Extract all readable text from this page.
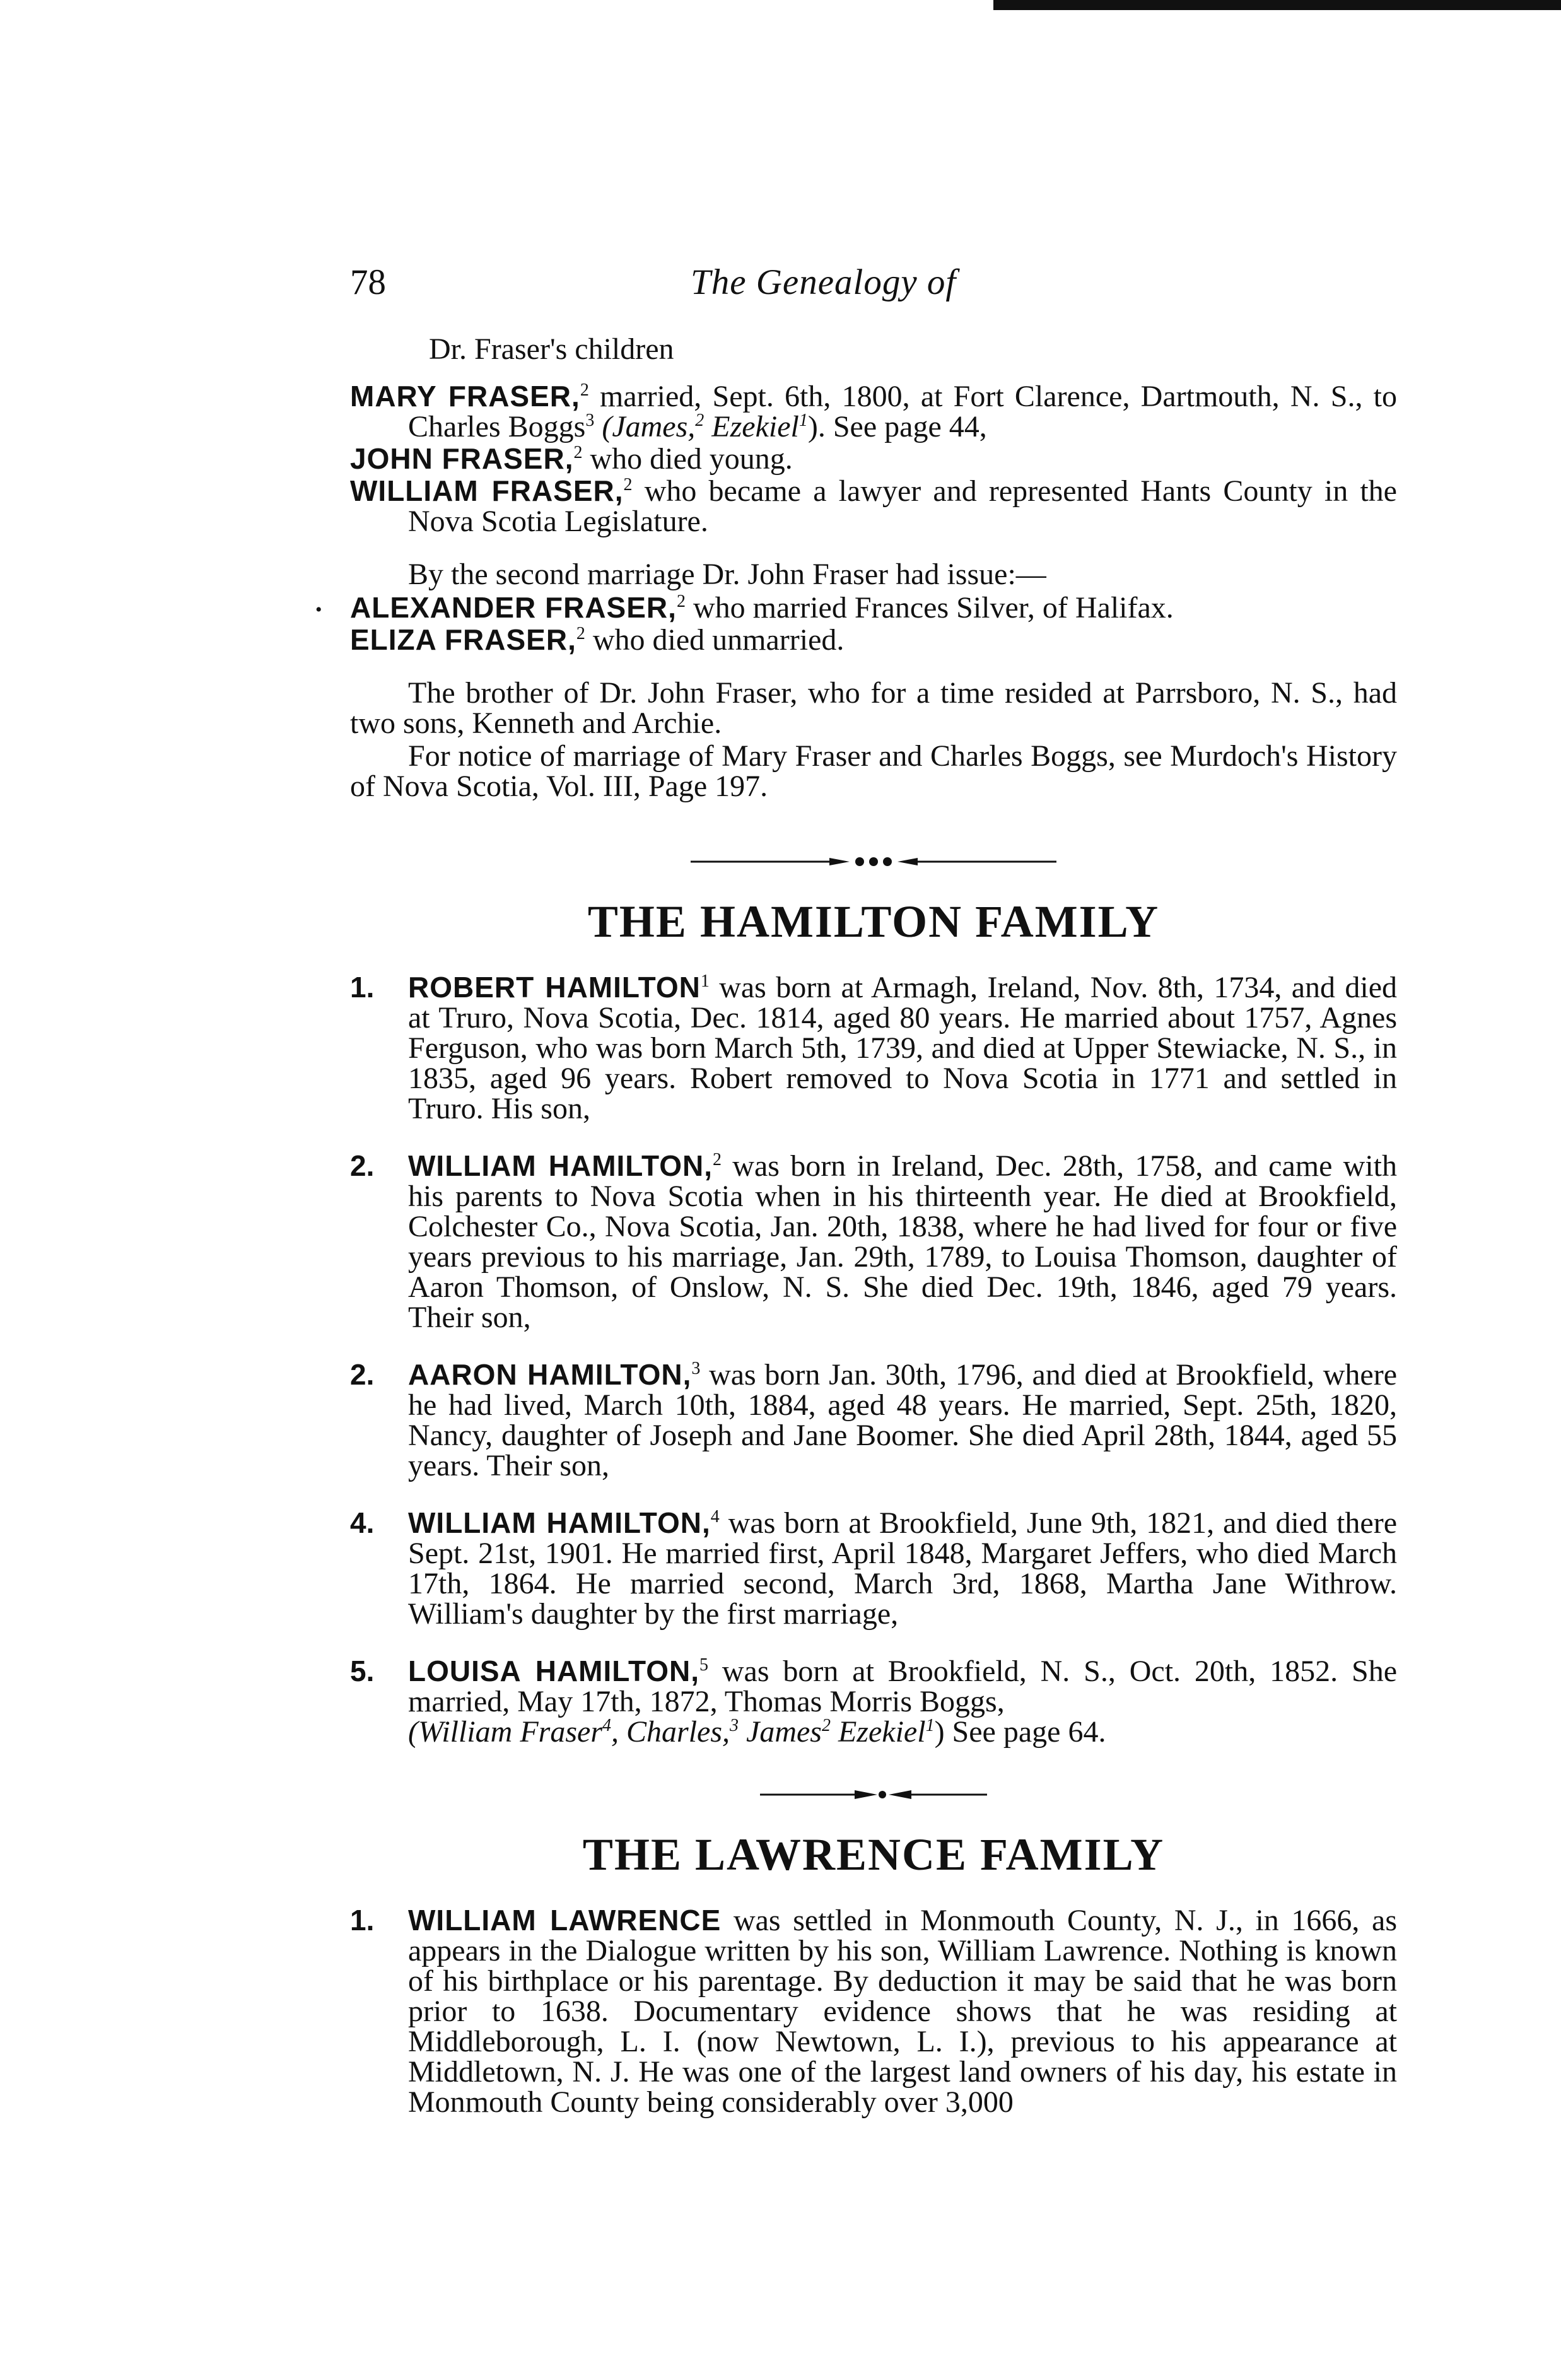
78	The Genealogy of
•

Dr. Fraser's children

MARY FRASER,$^2$ married, Sept. 6th, 1800, at Fort Clarence, Dartmouth, N. S., to Charles Boggs$^3$ (James,$^2$ Ezekiel$^1$). See page 44,

JOHN FRASER,$^2$ who died young.

WILLIAM FRASER,$^2$ who became a lawyer and represented Hants County in the Nova Scotia Legislature.

By the second marriage Dr. John Fraser had issue:—

ALEXANDER FRASER,$^2$ who married Frances Silver, of Halifax.

ELIZA FRASER,$^2$ who died unmarried.

The brother of Dr. John Fraser, who for a time resided at Parrsboro, N. S., had two sons, Kenneth and Archie.

For notice of marriage of Mary Fraser and Charles Boggs, see Murdoch's History of Nova Scotia, Vol. III, Page 197.

THE HAMILTON FAMILY
1. ROBERT HAMILTON$^1$ was born at Armagh, Ireland, Nov. 8th, 1734, and died at Truro, Nova Scotia, Dec. 1814, aged 80 years. He married about 1757, Agnes Ferguson, who was born March 5th, 1739, and died at Upper Stewiacke, N. S., in 1835, aged 96 years. Robert removed to Nova Scotia in 1771 and settled in Truro. His son,
2. WILLIAM HAMILTON,$^2$ was born in Ireland, Dec. 28th, 1758, and came with his parents to Nova Scotia when in his thirteenth year. He died at Brookfield, Colchester Co., Nova Scotia, Jan. 20th, 1838, where he had lived for four or five years previous to his marriage, Jan. 29th, 1789, to Louisa Thomson, daughter of Aaron Thomson, of Onslow, N. S. She died Dec. 19th, 1846, aged 79 years. Their son,
2. AARON HAMILTON,$^3$ was born Jan. 30th, 1796, and died at Brookfield, where he had lived, March 10th, 1884, aged 48 years. He married, Sept. 25th, 1820, Nancy, daughter of Joseph and Jane Boomer. She died April 28th, 1844, aged 55 years. Their son,
4. WILLIAM HAMILTON,$^4$ was born at Brookfield, June 9th, 1821, and died there Sept. 21st, 1901. He married first, April 1848, Margaret Jeffers, who died March 17th, 1864. He married second, March 3rd, 1868, Martha Jane Withrow. William's daughter by the first marriage,
5. LOUISA HAMILTON,$^5$ was born at Brookfield, N. S., Oct. 20th, 1852. She married, May 17th, 1872, Thomas Morris Boggs,
(William Fraser$^4$, Charles,$^3$ James$^2$ Ezekiel$^1$) See page 64.
THE LAWRENCE FAMILY
1. WILLIAM LAWRENCE was settled in Monmouth County, N. J., in 1666, as appears in the Dialogue written by his son, William Lawrence. Nothing is known of his birthplace or his parentage. By deduction it may be said that he was born prior to 1638. Documentary evidence shows that he was residing at Middleborough, L. I. (now Newtown, L. I.), previous to his appearance at Middletown, N. J. He was one of the largest land owners of his day, his estate in Monmouth County being considerably over 3,000
